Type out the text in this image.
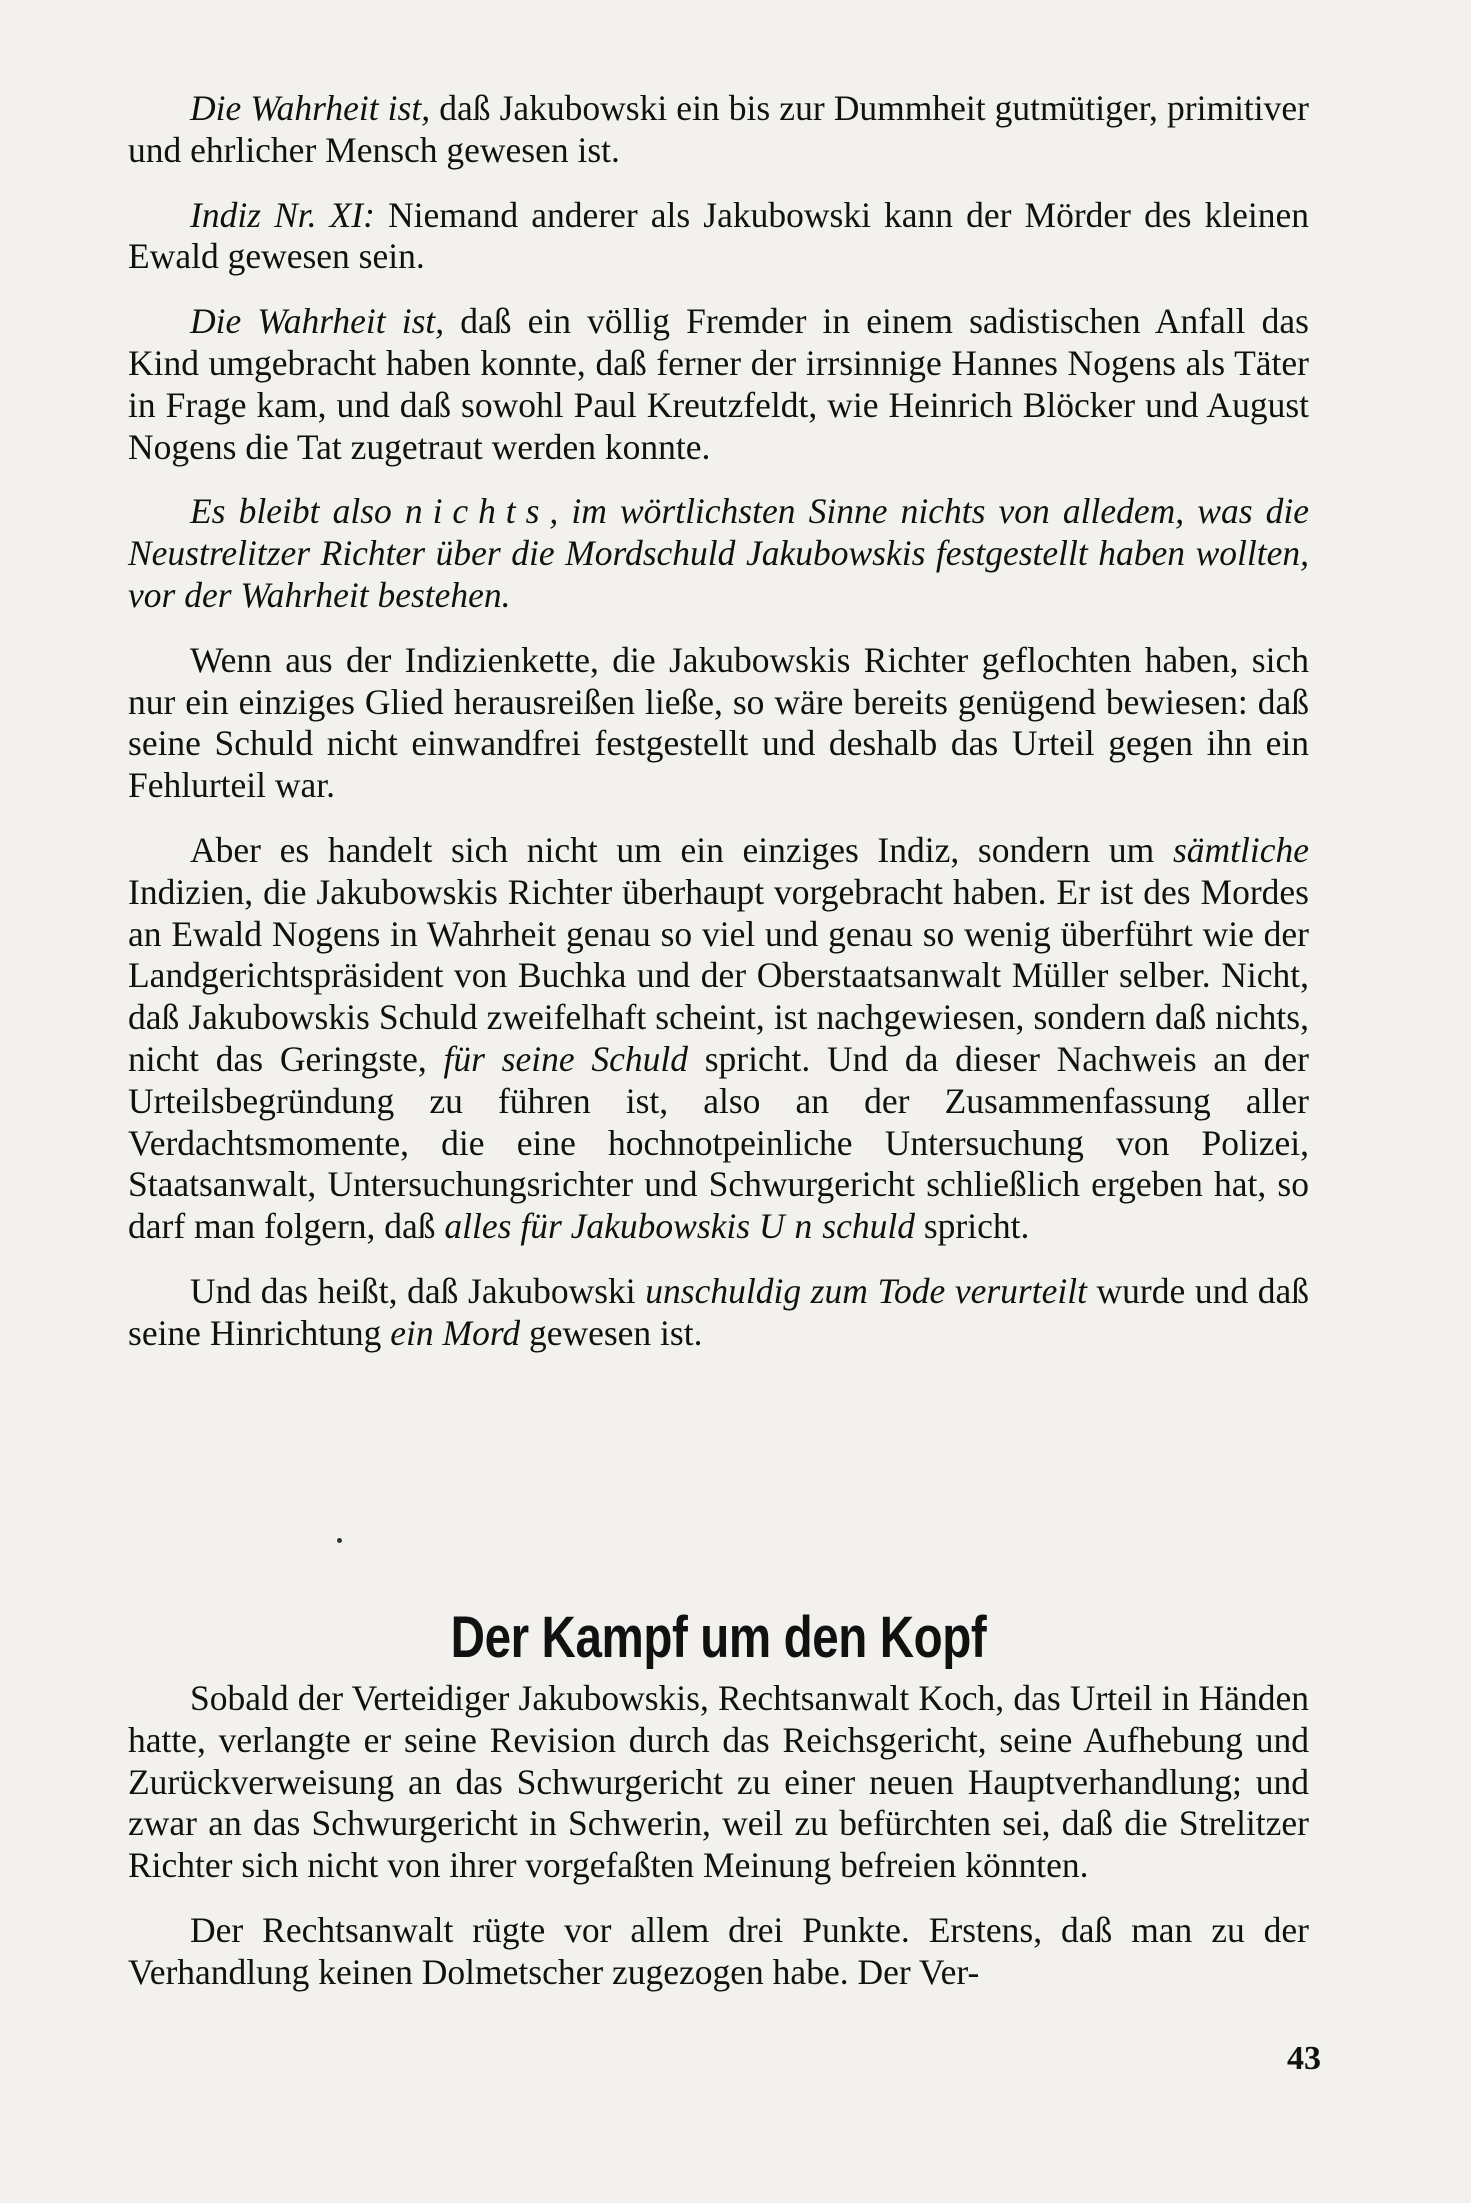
Die Wahrheit ist, daß Jakubowski ein bis zur Dummheit gutmütiger, primitiver und ehrlicher Mensch gewesen ist.

Indiz Nr. XI: Niemand anderer als Jakubowski kann der Mörder des kleinen Ewald gewesen sein.

Die Wahrheit ist, daß ein völlig Fremder in einem sadistischen Anfall das Kind umgebracht haben konnte, daß ferner der irrsinnige Hannes Nogens als Täter in Frage kam, und daß sowohl Paul Kreutzfeldt, wie Heinrich Blöcker und August Nogens die Tat zugetraut werden konnte.

Es bleibt also nichts, im wörtlichsten Sinne nichts von alledem, was die Neustrelitzer Richter über die Mordschuld Jakubowskis festgestellt haben wollten, vor der Wahrheit bestehen.

Wenn aus der Indizienkette, die Jakubowskis Richter geflochten haben, sich nur ein einziges Glied herausreißen ließe, so wäre bereits genügend bewiesen: daß seine Schuld nicht einwandfrei festgestellt und deshalb das Urteil gegen ihn ein Fehlurteil war.

Aber es handelt sich nicht um ein einziges Indiz, sondern um sämtliche Indizien, die Jakubowskis Richter überhaupt vorgebracht haben. Er ist des Mordes an Ewald Nogens in Wahrheit genau so viel und genau so wenig überführt wie der Landgerichtspräsident von Buchka und der Oberstaatsanwalt Müller selber. Nicht, daß Jakubowskis Schuld zweifelhaft scheint, ist nachgewiesen, sondern daß nichts, nicht das Geringste, für seine Schuld spricht. Und da dieser Nachweis an der Urteilsbegründung zu führen ist, also an der Zusammenfassung aller Verdachtsmomente, die eine hochnotpeinliche Untersuchung von Polizei, Staatsanwalt, Untersuchungsrichter und Schwurgericht schließlich ergeben hat, so darf man folgern, daß alles für Jakubowskis Unschuld spricht.

Und das heißt, daß Jakubowski unschuldig zum Tode verurteilt wurde und daß seine Hinrichtung ein Mord gewesen ist.

Der Kampf um den Kopf

Sobald der Verteidiger Jakubowskis, Rechtsanwalt Koch, das Urteil in Händen hatte, verlangte er seine Revision durch das Reichsgericht, seine Aufhebung und Zurückverweisung an das Schwurgericht zu einer neuen Hauptverhandlung; und zwar an das Schwurgericht in Schwerin, weil zu befürchten sei, daß die Strelitzer Richter sich nicht von ihrer vorgefaßten Meinung befreien könnten.

Der Rechtsanwalt rügte vor allem drei Punkte. Erstens, daß man zu der Verhandlung keinen Dolmetscher zugezogen habe. Der Ver-

43
